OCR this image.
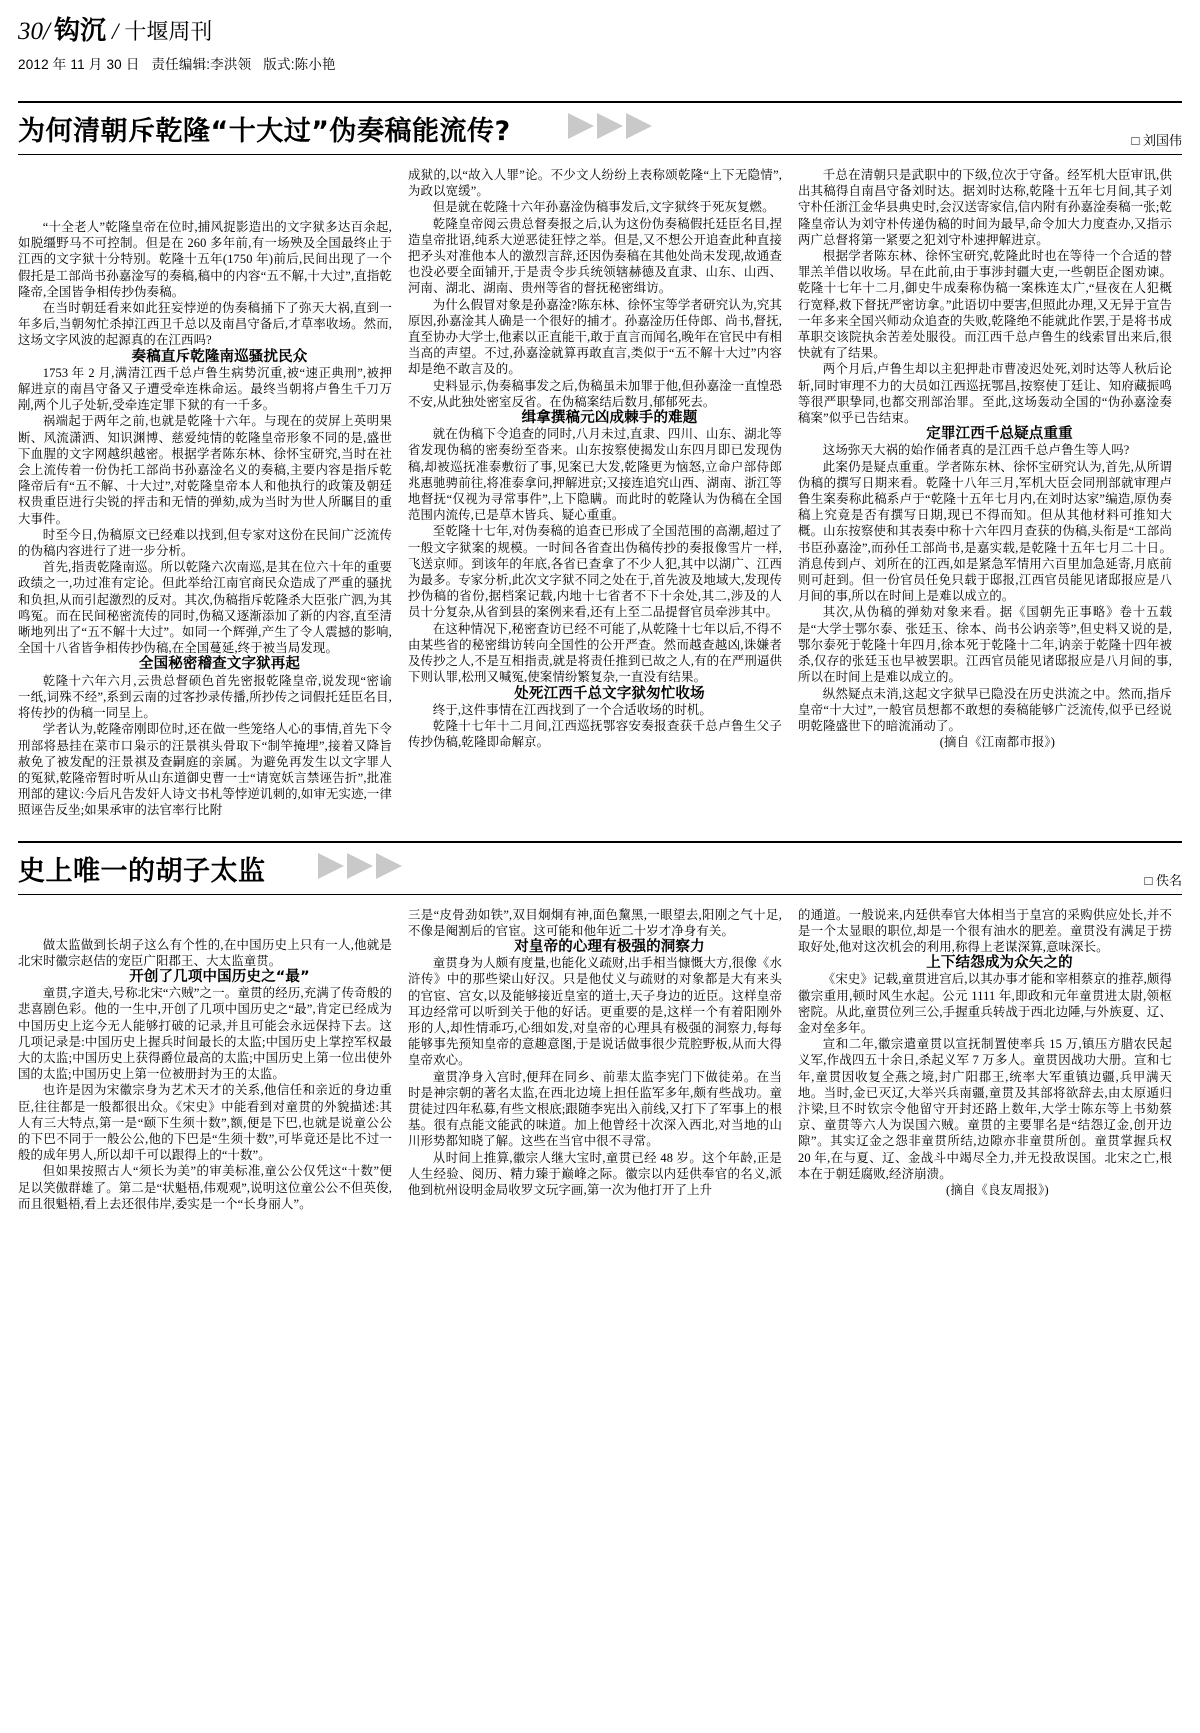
30/ 钩沉 / 十堰周刊
2012 年 11 月 30 日 责任编辑:李洪领 版式:陈小艳
为何清朝斥乾隆“十大过”伪奏稿能流传?	□ 刘国伟

“十全老人”乾隆皇帝在位时,捕风捉影造出的文字狱多达百余起,如脱缰野马不可控制。但是在 260 多年前,有一场殃及全国最终止于江西的文字狱十分特别。乾隆十五年(1750 年)前后,民间出现了一个假托是工部尚书孙嘉淦写的奏稿,稿中的内容“五不解,十大过”,直指乾隆帝,全国皆争相传抄伪奏稿。

在当时朝廷看来如此狂妄悖逆的伪奏稿捅下了弥天大祸,直到一年多后,当朝匆忙杀掉江西卫千总以及南昌守备后,才草率收场。然而,这场文字风波的起源真的在江西吗?

奏稿直斥乾隆南巡骚扰民众

1753 年 2 月,满清江西千总卢鲁生病势沉重,被“速正典刑”,被押解进京的南昌守备又子遭受牵连株命运。最终当朝将卢鲁生千刀万剐,两个儿子处斩,受牵连定罪下狱的有一千多。

祸端起于两年之前,也就是乾隆十六年。与现在的荧屏上英明果断、风流潇洒、知识渊博、慈爱纯情的乾隆皇帝形象不同的是,盛世下血腥的文字网越织越密。根据学者陈东林、徐怀宝研究,当时在社会上流传着一份伪托工部尚书孙嘉淦名义的奏稿,主要内容是指斥乾隆帝后有“五不解、十大过”,对乾隆皇帝本人和他执行的政策及朝廷权贵重臣进行尖锐的抨击和无情的弹劾,成为当时为世人所瞩目的重大事件。

时至今日,伪稿原文已经难以找到,但专家对这份在民间广泛流传的伪稿内容进行了进一步分析。

首先,指责乾隆南巡。所以乾隆六次南巡,是其在位六十年的重要政绩之一,功过准有定论。但此举给江南官商民众造成了严重的骚扰和负担,从而引起激烈的反对。其次,伪稿指斥乾隆杀大臣张广泗,为其鸣冤。而在民间秘密流传的同时,伪稿又逐渐添加了新的内容,直至清晰地列出了“五不解十大过”。如同一个辉弹,产生了令人震撼的影响,全国十八省皆争相传抄伪稿,在全国蔓延,终于被当局发现。

全国秘密稽查文字狱再起

乾隆十六年六月,云贵总督硕色首先密报乾隆皇帝,说发现“密谕一纸,词殊不经”,系到云南的过客抄录传播,所抄传之词假托廷臣名目,将传抄的伪稿一同呈上。

学者认为,乾隆帝刚即位时,还在做一些笼络人心的事情,首先下令刑部将悬挂在菜市口枭示的汪景祺头骨取下“制竿掩埋”,接着又降旨赦免了被发配的汪景祺及查嗣庭的亲属。为避免再发生以文字罪人的冤狱,乾隆帝暂时听从山东道御史曹一士“请宽妖言禁诬告折”,批准刑部的建议:今后凡告发奸人诗文书札等悖逆讥刺的,如审无实迹,一律照诬告反坐;如果承审的法官率行比附

成狱的,以“故入人罪”论。不少文人纷纷上表称颂乾隆“上下无隐情”,为政以宽缓”。

但是就在乾隆十六年孙嘉淦伪稿事发后,文字狱终于死灰复燃。

乾隆皇帝阅云贵总督奏报之后,认为这份伪奏稿假托廷臣名目,捏造皇帝批语,纯系大逆恶徒狂悖之举。但是,又不想公开追查此种直接把矛头对准他本人的激烈言辞,还因伪奏稿在其他处尚未发现,故通查也没必要全面铺开,于是责令步兵统领辖赫德及直隶、山东、山西、河南、湖北、湖南、贵州等省的督抚秘密缉访。

为什么假冒对象是孙嘉淦?陈东林、徐怀宝等学者研究认为,究其原因,孙嘉淦其人确是一个很好的捕才。孙嘉淦历任侍郎、尚书,督抚,直至协办大学士,他素以正直能干,敢于直言而闻名,晚年在官民中有相当高的声望。不过,孙嘉淦就算再敢直言,类似于“五不解十大过”内容却是绝不敢言及的。

史料显示,伪奏稿事发之后,伪稿虽未加罪于他,但孙嘉淦一直惶恐不安,从此独处密室反省。在伪稿案结后数月,郁郁死去。

缉拿撰稿元凶成棘手的难题

就在伪稿下令追查的同时,八月未过,直隶、四川、山东、湖北等省发现伪稿的密奏纷至沓来。山东按察使揭发山东四月即已发现伪稿,却被巡抚准泰敷衍了事,见案已大发,乾隆更为恼怒,立命户部侍郎兆惠驰骋前往,将准泰拿问,押解进京;又接连追究山西、湖南、浙江等地督抚“仅视为寻常事件”,上下隐瞒。而此时的乾隆认为伪稿在全国范围内流传,已是草木皆兵、疑心重重。

至乾隆十七年,对伪奏稿的追查已形成了全国范围的高潮,超过了一般文字狱案的规模。一时间各省查出伪稿传抄的奏报像雪片一样,飞送京师。到该年的年底,各省已查拿了不少人犯,其中以湖广、江西为最多。专家分析,此次文字狱不同之处在于,首先波及地域大,发现传抄伪稿的省份,据档案记载,内地十七省者不下十余处,其二,涉及的人员十分复杂,从省到县的案例来看,还有上至二品提督官员牵涉其中。

在这种情况下,秘密查访已经不可能了,从乾隆十七年以后,不得不由某些省的秘密缉访转向全国性的公开严查。然而越查越凶,诛嫌者及传抄之人,不是互相指责,就是将责任推到已故之人,有的在严刑逼供下则认罪,松刑又喊冤,使案情纷繁复杂,一直没有结果。

处死江西千总文字狱匆忙收场

终于,这件事情在江西找到了一个合适收场的时机。

乾隆十七年十二月间,江西巡抚鄂容安奏报查获千总卢鲁生父子传抄伪稿,乾隆即命解京。

千总在清朝只是武职中的下级,位次于守备。经军机大臣审讯,供出其稿得自南昌守备刘时达。据刘时达称,乾隆十五年七月间,其子刘守朴任浙江金华县典史时,会汉送寄家信,信内附有孙嘉淦奏稿一张;乾隆皇帝认为刘守朴传递伪稿的时间为最早,命令加大力度查办,又指示两广总督将第一紧要之犯刘守朴速押解进京。

根据学者陈东林、徐怀宝研究,乾隆此时也在等待一个合适的替罪羔羊借以收场。早在此前,由于事涉封疆大吏,一些朝臣企图劝谏。乾隆十七年十二月,御史牛成秦称伪稿一案株连太广,“昼夜在人犯概行宽释,救下督抚严密访拿。”此语切中要害,但照此办理,又无异于宣告一年多来全国兴师动众追查的失败,乾隆绝不能就此作罢,于是将书成革职交该院执余苦差处服役。而江西千总卢鲁生的线索冒出来后,很快就有了结果。

两个月后,卢鲁生却以主犯押赴市曹凌迟处死,刘时达等人秋后论斩,同时审理不力的大员如江西巡抚鄂昌,按察使丁廷让、知府藏振鸣等很严职挚同,也都交刑部治罪。至此,这场轰动全国的“伪孙嘉淦奏稿案”似乎已告结束。

定罪江西千总疑点重重

这场弥天大祸的始作俑者真的是江西千总卢鲁生等人吗?

此案仍是疑点重重。学者陈东林、徐怀宝研究认为,首先,从所谓伪稿的撰写日期来看。乾隆十八年三月,军机大臣会同刑部就审理卢鲁生案奏称此稿系卢于“乾隆十五年七月内,在刘时达家”编造,原伪奏稿上究竟是否有撰写日期,现已不得而知。但从其他材料可推知大概。山东按察使和其表奏中称十六年四月查获的伪稿,头衔是“工部尚书臣孙嘉淦”,而孙任工部尚书,是嘉实载,是乾隆十五年七月二十日。消息传到卢、刘所在的江西,如是紧急军情用六百里加急延寄,月底前则可赶到。但一份官员任免只载于邸报,江西官员能见诸邸报应是八月间的事,所以在时间上是难以成立的。

其次,从伪稿的弹劾对象来看。据《国朝先正事略》卷十五载是“大学士鄂尔泰、张廷玉、徐本、尚书公讷亲等”,但史料又说的是,鄂尔泰死于乾隆十年四月,徐本死于乾隆十二年,讷亲于乾隆十四年被杀,仅存的张廷玉也早被罢职。江西官员能见诸邸报应是八月间的事,所以在时间上是难以成立的。

纵然疑点未消,这起文字狱早已隐没在历史洪流之中。然而,指斥皇帝“十大过”,一般官员想都不敢想的奏稿能够广泛流传,似乎已经说明乾隆盛世下的暗流涌动了。

(摘自《江南都市报》)

史上唯一的胡子太监	□ 佚名

做太监做到长胡子这么有个性的,在中国历史上只有一人,他就是北宋时徽宗赵佶的宠臣广阳郡王、大太监童贯。

开创了几项中国历史之“最”

童贯,字道夫,号称北宋“六贼”之一。童贯的经历,充满了传奇般的悲喜剧色彩。他的一生中,开创了几项中国历史之“最”,肯定已经成为中国历史上迄今无人能够打破的记录,并且可能会永远保持下去。这几项记录是:中国历史上握兵时间最长的太监;中国历史上掌控军权最大的太监;中国历史上获得爵位最高的太监;中国历史上第一位出使外国的太监;中国历史上第一位被册封为王的太监。

也许是因为宋徽宗身为艺术天才的关系,他信任和亲近的身边重臣,往往都是一般都很出众。《宋史》中能看到对童贯的外貌描述:其人有三大特点,第一是“颐下生须十数”,额,便是下巴,也就是说童公公的下巴不同于一般公公,他的下巴是“生须十数”,可毕竟还是比不过一般的成年男人,所以却千可以跟得上的“十数”。

但如果按照古人“须长为美”的审美标准,童公公仅凭这“十数”便足以笑傲群雄了。第二是“状魁梧,伟观观”,说明这位童公公不但英俊,而且很魁梧,看上去还很伟岸,委实是一个“长身丽人”。

三是“皮骨劲如铁”,双目炯炯有神,面色黧黑,一眼望去,阳刚之气十足,不像是阉割后的官宦。这可能和他年近二十岁才净身有关。

对皇帝的心理有极强的洞察力

童贯身为人颇有度量,也能化义疏财,出手相当慷慨大方,很像《水浒传》中的那些梁山好汉。只是他仗义与疏财的对象都是大有来头的官宦、宫女,以及能够接近皇室的道士,天子身边的近臣。这样皇帝耳边经常可以听到关于他的好话。更重要的是,这样一个有着阳刚外形的人,却性情乖巧,心细如发,对皇帝的心理具有极强的洞察力,每每能够事先预知皇帝的意趣意图,于是说话做事很少荒腔野板,从而大得皇帝欢心。

童贯净身入宫时,便拜在同乡、前辈太监李宪门下做徒弟。在当时是神宗朝的著名太监,在西北边境上担任监军多年,颇有些战功。童贯徒过四年私募,有些文根底;跟随李宪出入前线,又打下了军事上的根基。很有点能文能武的味道。加上他曾经十次深入西北,对当地的山川形势都知晓了解。这些在当官中很不寻常。

从时间上推算,徽宗人继大宝时,童贯已经 48 岁。这个年龄,正是人生经验、阅历、精力臻于巅峰之际。徽宗以内廷供奉官的名义,派他到杭州设明金局收罗文玩字画,第一次为他打开了上升

的通道。一般说来,内廷供奉官大体相当于皇宫的采购供应处长,并不是一个太显眼的职位,却是一个很有油水的肥差。童贯没有满足于捞取好处,他对这次机会的利用,称得上老谋深算,意味深长。

上下结怨成为众矢之的

《宋史》记载,童贯进宫后,以其办事才能和宰相蔡京的推荐,颇得徽宗重用,顿时风生水起。公元 1111 年,即政和元年童贯进太尉,领枢密院。从此,童贯位列三公,手握重兵转战于西北边陲,与外族夏、辽、金对垒多年。

宣和二年,徽宗遣童贯以宣抚制置使率兵 15 万,镇压方腊农民起义军,作战四五十余日,杀起义军 7 万多人。童贯因战功大册。宣和七年,童贯因收复全燕之境,封广阳郡王,统率大军重镇边疆,兵甲满天地。当时,金已灭辽,大举兴兵南疆,童贯及其部将欲辞去,由太原遁归汴梁,旦不时钦宗令他留守开封还路上数年,大学士陈东等上书劾蔡京、童贯等六人为误国六贼。童贯的主要罪名是“结怨辽金,创开边隙”。其实辽金之怨非童贯所结,边隙亦非童贯所创。童贯掌握兵权 20 年,在与夏、辽、金战斗中竭尽全力,并无投敌误国。北宋之亡,根本在于朝廷腐败,经济崩溃。

(摘自《良友周报》)
